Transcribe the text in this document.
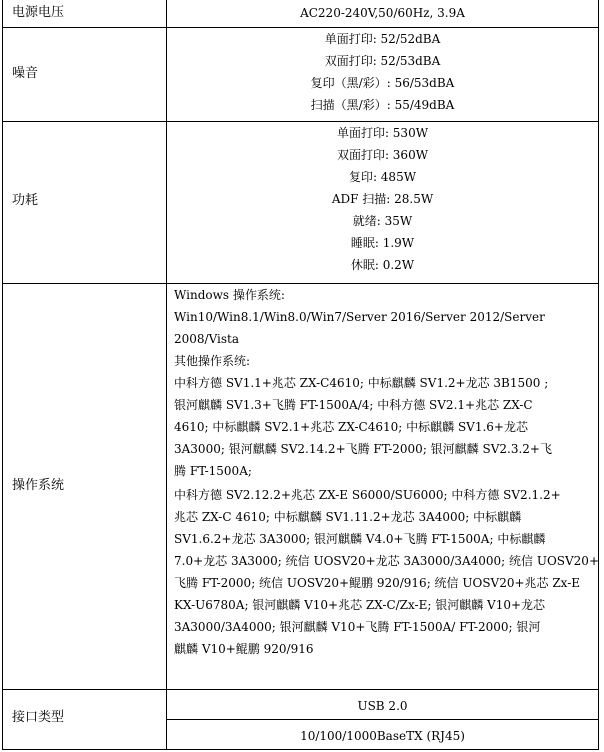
电源电压	AC220-240V,50/60Hz, 3.9A
噪音
单面打印: 52/52dBA
双面打印: 52/53dBA
复印（黑/彩）: 56/53dBA
扫描（黑/彩）: 55/49dBA
功耗
单面打印: 530W
双面打印: 360W
复印: 485W
ADF 扫描: 28.5W
就绪: 35W
睡眠: 1.9W
休眠: 0.2W
操作系统
Windows 操作系统:
Win10/Win8.1/Win8.0/Win7/Server 2016/Server 2012/Server
2008/Vista
其他操作系统:
中科方德 SV1.1+兆芯 ZX-C4610; 中标麒麟 SV1.2+龙芯 3B1500 ;
银河麒麟 SV1.3+飞腾 FT-1500A/4; 中科方德 SV2.1+兆芯 ZX-C
4610; 中标麒麟 SV2.1+兆芯 ZX-C4610; 中标麒麟 SV1.6+龙芯
3A3000; 银河麒麟 SV2.14.2+飞腾 FT-2000; 银河麒麟 SV2.3.2+飞
腾 FT-1500A;
中科方德 SV2.12.2+兆芯 ZX-E S6000/SU6000; 中科方德 SV2.1.2+
兆芯 ZX-C 4610; 中标麒麟 SV1.11.2+龙芯 3A4000; 中标麒麟
SV1.6.2+龙芯 3A3000; 银河麒麟 V4.0+飞腾 FT-1500A; 中标麒麟
7.0+龙芯 3A3000; 统信 UOSV20+龙芯 3A3000/3A4000; 统信 UOSV20+
飞腾 FT-2000; 统信 UOSV20+鲲鹏 920/916; 统信 UOSV20+兆芯 Zx-E
KX-U6780A; 银河麒麟 V10+兆芯 ZX-C/Zx-E; 银河麒麟 V10+龙芯
3A3000/3A4000; 银河麒麟 V10+飞腾 FT-1500A/ FT-2000; 银河
麒麟 V10+鲲鹏 920/916
接口类型
USB 2.0
10/100/1000BaseTX (RJ45)
